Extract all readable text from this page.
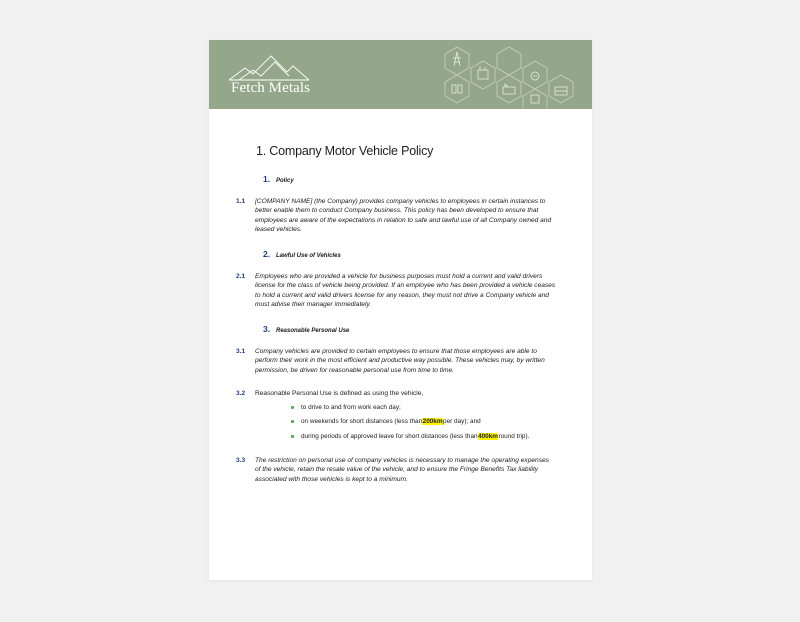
Fetch Metals
1. Company Motor Vehicle Policy
1. Policy
1.1	[COMPANY NAME] (the Company) provides company vehicles to employees in certain instances to better enable them to conduct Company business. This policy has been developed to ensure that employees are aware of the expectations in relation to safe and lawful use of all Company owned and leased vehicles.
2. Lawful Use of Vehicles
2.1	Employees who are provided a vehicle for business purposes must hold a current and valid drivers license for the class of vehicle being provided. If an employee who has been provided a vehicle ceases to hold a current and valid drivers license for any reason, they must not drive a Company vehicle and must advise their manager immediately.
3. Reasonable Personal Use
3.1	Company vehicles are provided to certain employees to ensure that those employees are able to perform their work in the most efficient and productive way possible. These vehicles may, by written permission, be driven for reasonable personal use from time to time.
3.2	Reasonable Personal Use is defined as using the vehicle,
to drive to and from work each day;
on weekends for short distances (less than 200km per day); and
during periods of approved leave for short distances (less than 400km round trip).
3.3	The restriction on personal use of company vehicles is necessary to manage the operating expenses of the vehicle, retain the resale value of the vehicle, and to ensure the Fringe Benefits Tax liability associated with those vehicles is kept to a minimum.
